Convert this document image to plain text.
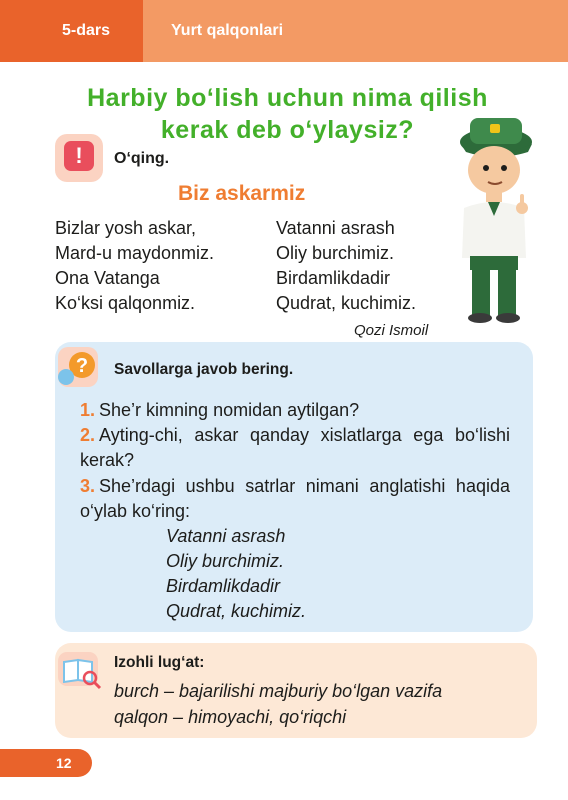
5-dars	Yurt qalqonlari
Harbiy bo‘lish uchun nima qilish
kerak deb o‘ylaysiz?
!	O‘qing.
Biz askarmiz
Bizlar yosh askar,
Mard-u maydonmiz.
Ona Vatanga
Ko‘ksi qalqonmiz.
Vatanni asrash
Oliy burchimiz.
Birdamlikdadir
Qudrat, kuchimiz.
Qozi Ismoil
? Savollarga javob bering.
1. She’r kimning nomidan aytilgan?
2. Ayting-chi, askar qanday xislatlarga ega bo‘lishi kerak?
3. She’rdagi ushbu satrlar nimani anglatishi haqida o‘ylab ko‘ring:
Vatanni asrash
Oliy burchimiz.
Birdamlikdadir
Qudrat, kuchimiz.
Izohli lug‘at:
burch – bajarilishi majburiy bo‘lgan vazifa
qalqon – himoyachi, qo‘riqchi
12
